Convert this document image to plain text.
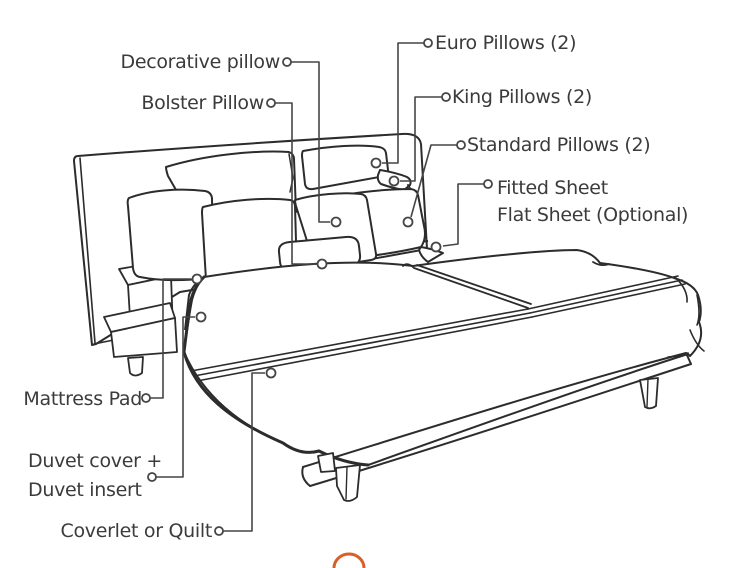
Decorative pillow
Bolster Pillow
Euro Pillows (2)
King Pillows (2)
Standard Pillows (2)
Fitted Sheet
Flat Sheet (Optional)
Mattress Pad
Duvet cover +
Duvet insert
Coverlet or Quilt
